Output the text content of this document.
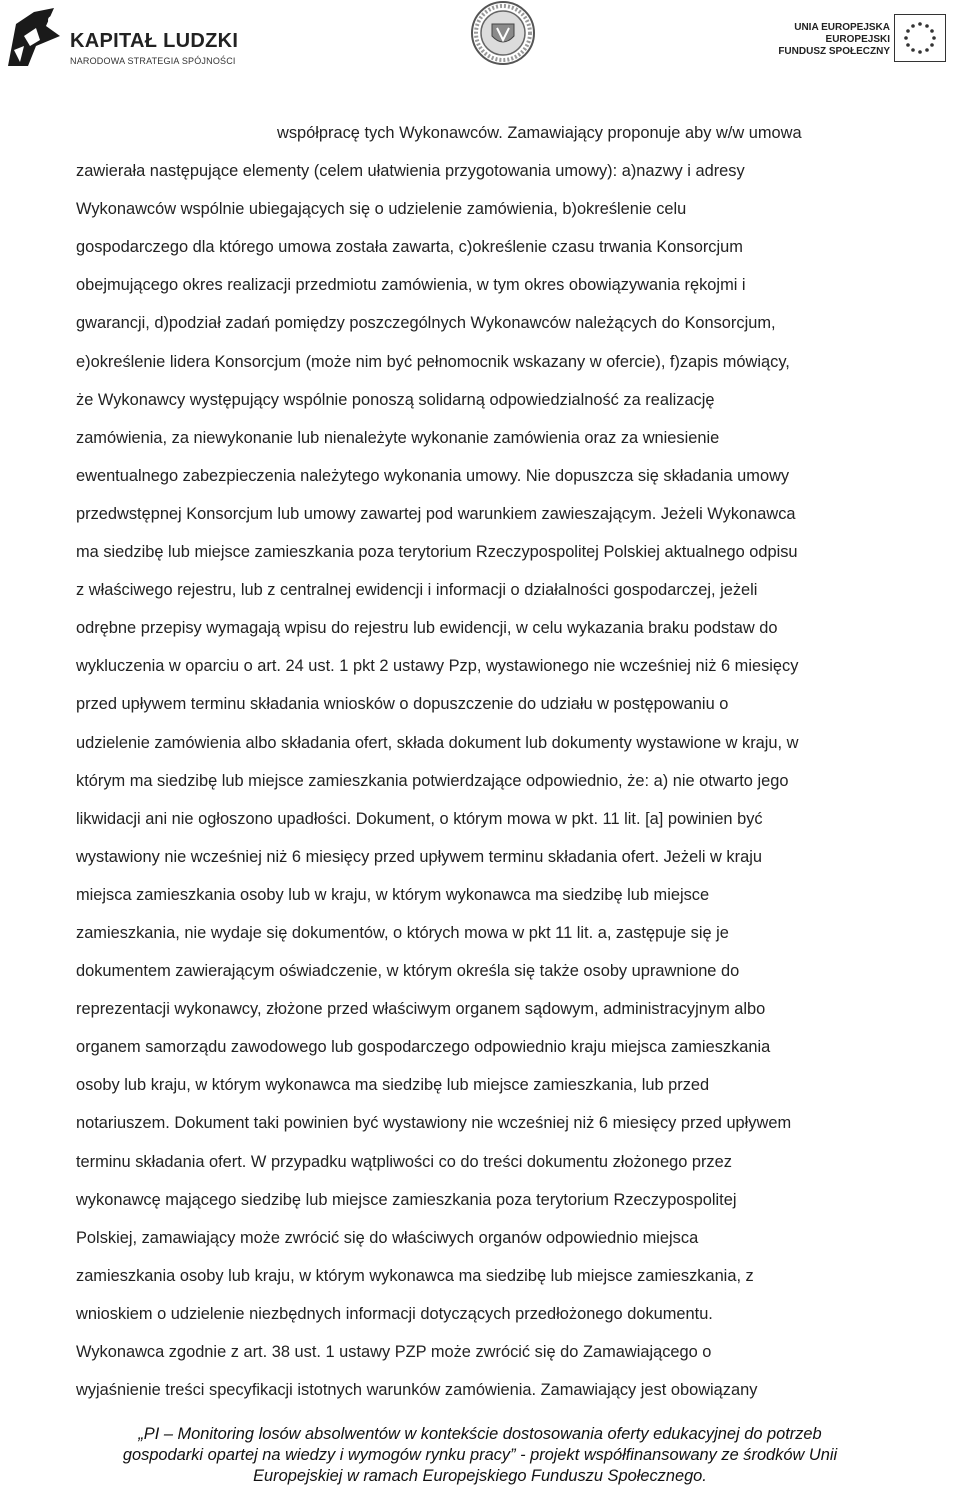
KAPITAŁ LUDZKI
NARODOWA STRATEGIA SPÓJNOŚCI
UNIA EUROPEJSKA
EUROPEJSKI
FUNDUSZ SPOŁECZNY
współpracę tych Wykonawców. Zamawiający proponuje aby w/w umowa
zawierała następujące elementy (celem ułatwienia przygotowania umowy): a)nazwy i adresy
Wykonawców wspólnie ubiegających się o udzielenie zamówienia, b)określenie celu
gospodarczego dla którego umowa została zawarta, c)określenie czasu trwania Konsorcjum
obejmującego okres realizacji przedmiotu zamówienia, w tym okres obowiązywania rękojmi i
gwarancji, d)podział zadań pomiędzy poszczególnych Wykonawców należących do Konsorcjum,
e)określenie lidera Konsorcjum (może nim być pełnomocnik wskazany w ofercie), f)zapis mówiący,
że Wykonawcy występujący wspólnie ponoszą solidarną odpowiedzialność za realizację
zamówienia, za niewykonanie lub nienależyte wykonanie zamówienia oraz za wniesienie
ewentualnego zabezpieczenia należytego wykonania umowy. Nie dopuszcza się składania umowy
przedwstępnej Konsorcjum lub umowy zawartej pod warunkiem zawieszającym. Jeżeli Wykonawca
ma siedzibę lub miejsce zamieszkania poza terytorium Rzeczypospolitej Polskiej aktualnego odpisu
z właściwego rejestru, lub z centralnej ewidencji i informacji o działalności gospodarczej, jeżeli
odrębne przepisy wymagają wpisu do rejestru lub ewidencji, w celu wykazania braku podstaw do
wykluczenia w oparciu o art. 24 ust. 1 pkt 2 ustawy Pzp, wystawionego nie wcześniej niż 6 miesięcy
przed upływem terminu składania wniosków o dopuszczenie do udziału w postępowaniu o
udzielenie zamówienia albo składania ofert, składa dokument lub dokumenty wystawione w kraju, w
którym ma siedzibę lub miejsce zamieszkania potwierdzające odpowiednio, że: a) nie otwarto jego
likwidacji ani nie ogłoszono upadłości. Dokument, o którym mowa w pkt. 11 lit. [a] powinien być
wystawiony nie wcześniej niż 6 miesięcy przed upływem terminu składania ofert. Jeżeli w kraju
miejsca zamieszkania osoby lub w kraju, w którym wykonawca ma siedzibę lub miejsce
zamieszkania, nie wydaje się dokumentów, o których mowa w pkt 11 lit. a, zastępuje się je
dokumentem zawierającym oświadczenie, w którym określa się także osoby uprawnione do
reprezentacji wykonawcy, złożone przed właściwym organem sądowym, administracyjnym albo
organem samorządu zawodowego lub gospodarczego odpowiednio kraju miejsca zamieszkania
osoby lub kraju, w którym wykonawca ma siedzibę lub miejsce zamieszkania, lub przed
notariuszem. Dokument taki powinien być wystawiony nie wcześniej niż 6 miesięcy przed upływem
terminu składania ofert. W przypadku wątpliwości co do treści dokumentu złożonego przez
wykonawcę mającego siedzibę lub miejsce zamieszkania poza terytorium Rzeczypospolitej
Polskiej, zamawiający może zwrócić się do właściwych organów odpowiednio miejsca
zamieszkania osoby lub kraju, w którym wykonawca ma siedzibę lub miejsce zamieszkania, z
wnioskiem o udzielenie niezbędnych informacji dotyczących przedłożonego dokumentu.
Wykonawca zgodnie z art. 38 ust. 1 ustawy PZP może zwrócić się do Zamawiającego o
wyjaśnienie treści specyfikacji istotnych warunków zamówienia. Zamawiający jest obowiązany
„PI – Monitoring losów absolwentów w kontekście dostosowania oferty edukacyjnej do potrzeb
gospodarki opartej na wiedzy i wymogów rynku pracy” - projekt współfinansowany ze środków Unii
Europejskiej w ramach Europejskiego Funduszu Społecznego.
